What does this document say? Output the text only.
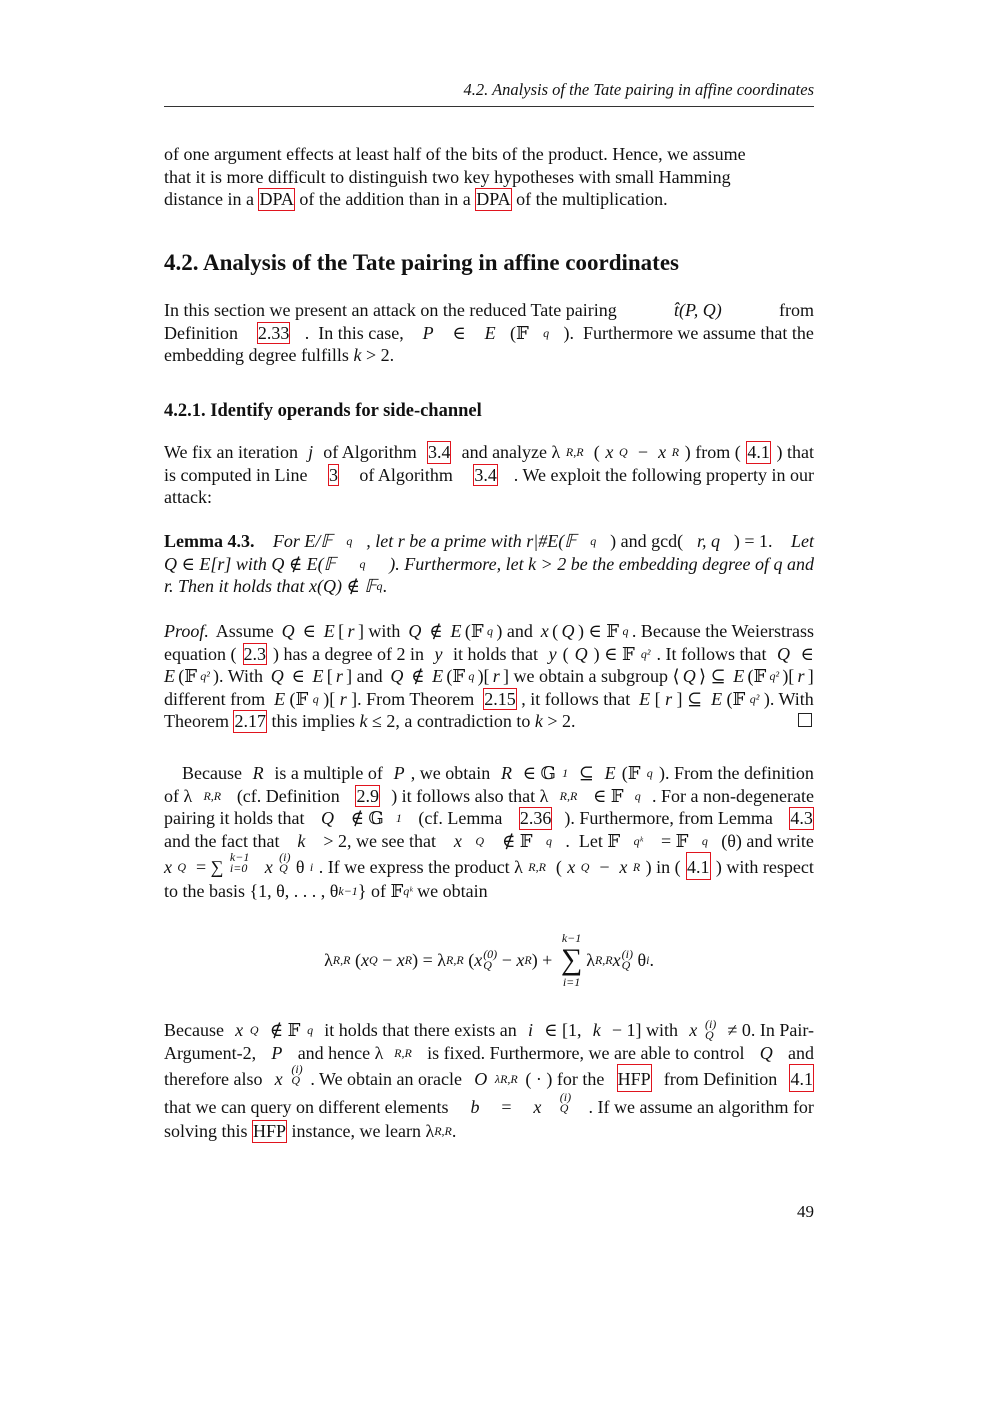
4.2. Analysis of the Tate pairing in affine coordinates
of one argument effects at least half of the bits of the product. Hence, we assume
that it is more difficult to distinguish two key hypotheses with small Hamming
distance in a DPA of the addition than in a DPA of the multiplication.
4.2. Analysis of the Tate pairing in affine coordinates
In this section we present an attack on the reduced Tate pairing	t̂(P, Q)	from
Definition 2.33 .  In this case, P ∈ E (𝔽 q ).  Furthermore we assume that the
embedding degree fulfills k > 2.
4.2.1. Identify operands for side-channel
We fix an iteration j of Algorithm 3.4 and analyze λ R,R ( x Q − x R ) from ( 4.1 ) that
is computed in Line 3 of Algorithm 3.4 . We exploit the following property in our
attack:
Lemma 4.3. For E/𝔽 q , let r be a prime with r|#E(𝔽 q ) and gcd( r, q ) = 1. Let
Q ∈ E[r] with Q ∉ E(𝔽 q ). Furthermore, let k > 2 be the embedding degree of q and
r. Then it holds that x(Q) ∉ 𝔽 q .
Proof. Assume Q ∈ E [ r ] with Q ∉ E (𝔽 q ) and x ( Q ) ∈ 𝔽 q . Because the Weierstrass
equation ( 2.3 ) has a degree of 2 in y it holds that y ( Q ) ∈ 𝔽 q² . It follows that Q ∈
E (𝔽 q² ). With Q ∈ E [ r ] and Q ∉ E (𝔽 q )[ r ] we obtain a subgroup ⟨ Q ⟩ ⊆ E (𝔽 q² )[ r ]
different from E (𝔽 q )[ r ]. From Theorem 2.15 , it follows that E [ r ] ⊆ E (𝔽 q² ). With
Theorem 2.17 this implies k ≤ 2, a contradiction to k > 2.
Because R is a multiple of P , we obtain R ∈ 𝔾 1 ⊆ E (𝔽 q ). From the definition
of λ R,R (cf. Definition 2.9 ) it follows also that λ R,R ∈ 𝔽 q . For a non-degenerate
pairing it holds that Q ∉ 𝔾 1 (cf. Lemma 2.36 ). Furthermore, from Lemma 4.3
and the fact that k > 2, we see that x Q ∉ 𝔽 q .  Let 𝔽 qᵏ = 𝔽 q (θ) and write
x Q = ∑ k−1
i=0
x (i)
Q θ i . If we express the product λ R,R ( x Q − x R ) in ( 4.1 ) with respect
to the basis {1, θ, . . . , θ k−1 } of 𝔽 qᵏ we obtain
λ R,R ( x Q − x R ) = λ R,R ( x (0)
Q − x R ) +
k−1
∑
i=1
λ R,R x (i)
Q θ i .
Because x Q ∉ 𝔽 q it holds that there exists an i ∈ [1, k − 1] with x (i)
Q ≠ 0. In Pair-
Argument-2, P and hence λ R,R is fixed. Furthermore, we are able to control Q and
therefore also x (i)
Q . We obtain an oracle O λR,R ( · ) for the HFP from Definition 4.1
that we can query on different elements b = x (i)
Q . If we assume an algorithm for
solving this HFP instance, we learn λ R,R .
49
